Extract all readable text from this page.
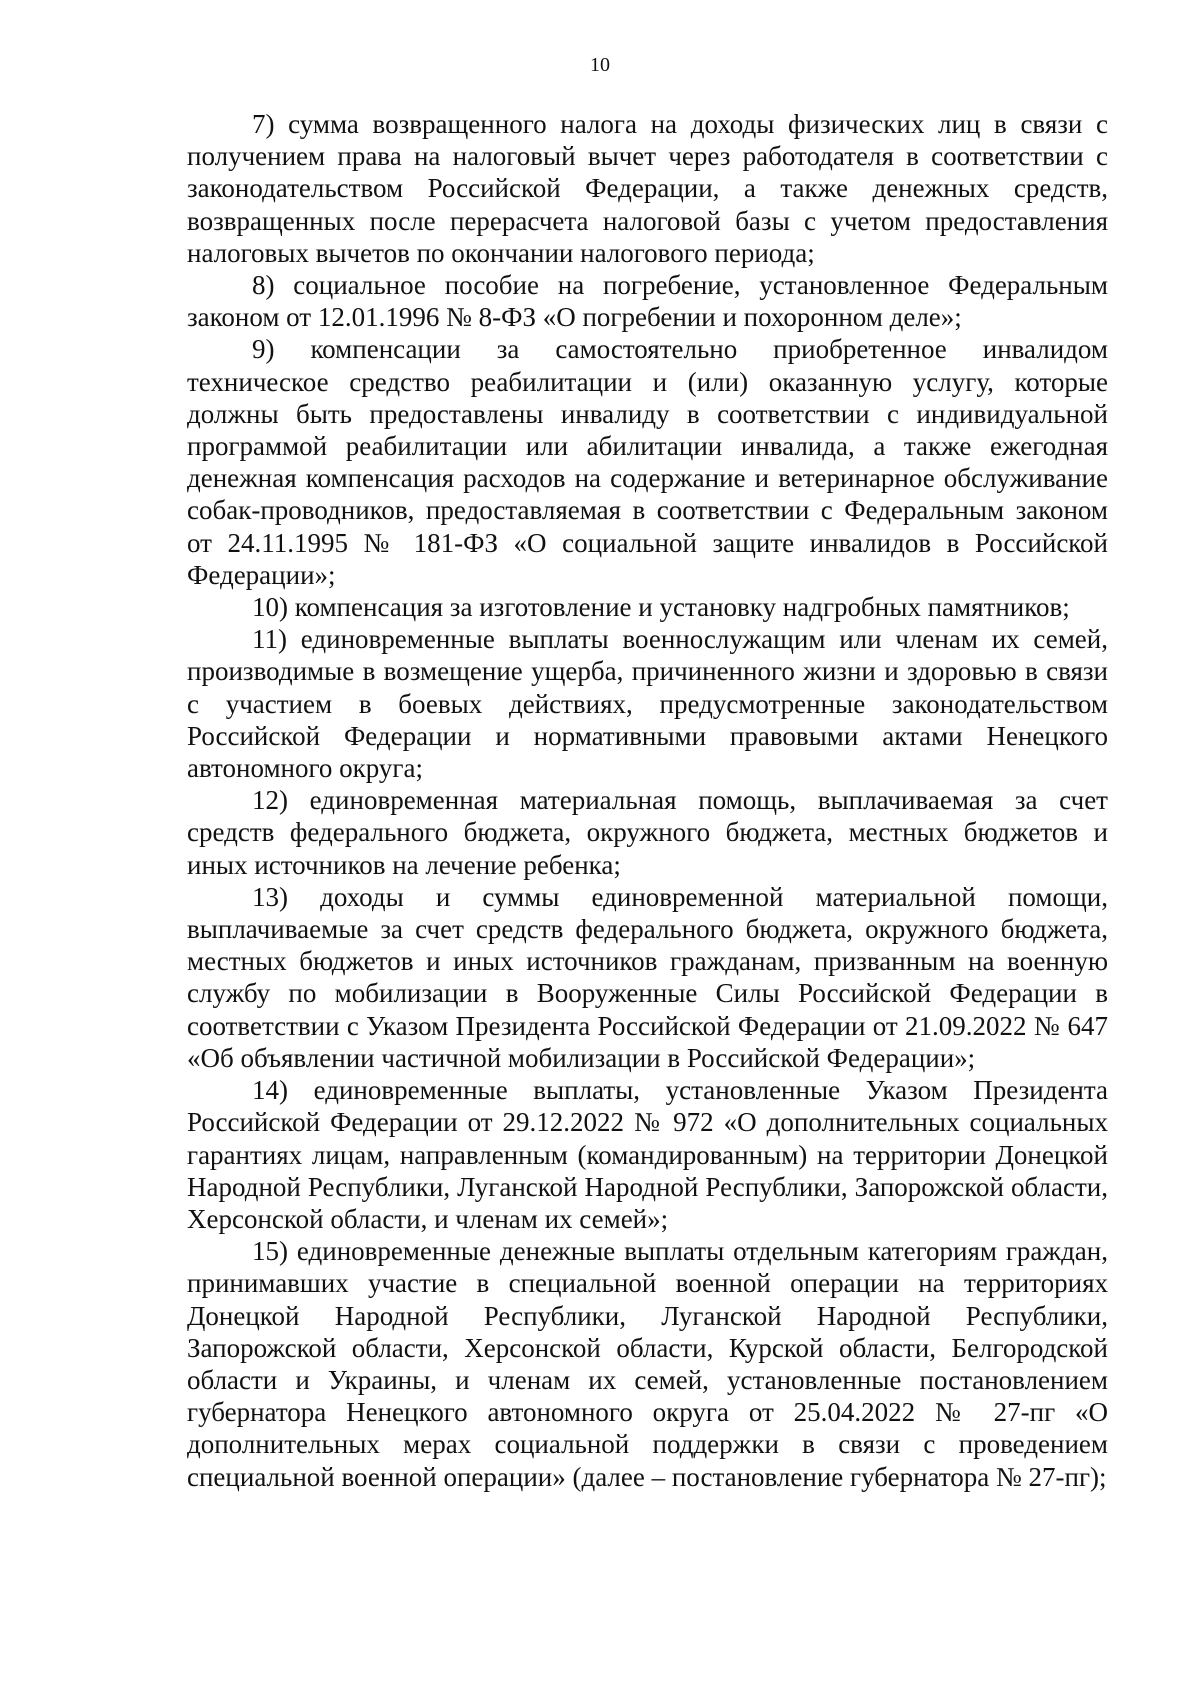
10

7) сумма возвращенного налога на доходы физических лиц в связи с получением права на налоговый вычет через работодателя в соответствии с законодательством Российской Федерации, а также денежных средств, возвращенных после перерасчета налоговой базы с учетом предоставления налоговых вычетов по окончании налогового периода;

8) социальное пособие на погребение, установленное Федеральным законом от 12.01.1996 № 8-ФЗ «О погребении и похоронном деле»;

9) компенсации за самостоятельно приобретенное инвалидом техническое средство реабилитации и (или) оказанную услугу, которые должны быть предоставлены инвалиду в соответствии с индивидуальной программой реабилитации или абилитации инвалида, а также ежегодная денежная компенсация расходов на содержание и ветеринарное обслуживание собак-проводников, предоставляемая в соответствии с Федеральным законом от 24.11.1995 № 181-ФЗ «О социальной защите инвалидов в Российской Федерации»;

10) компенсация за изготовление и установку надгробных памятников;

11) единовременные выплаты военнослужащим или членам их семей, производимые в возмещение ущерба, причиненного жизни и здоровью в связи с участием в боевых действиях, предусмотренные законодательством Российской Федерации и нормативными правовыми актами Ненецкого автономного округа;

12) единовременная материальная помощь, выплачиваемая за счет средств федерального бюджета, окружного бюджета, местных бюджетов и иных источников на лечение ребенка;

13) доходы и суммы единовременной материальной помощи, выплачиваемые за счет средств федерального бюджета, окружного бюджета, местных бюджетов и иных источников гражданам, призванным на военную службу по мобилизации в Вооруженные Силы Российской Федерации в соответствии с Указом Президента Российской Федерации от 21.09.2022 № 647 «Об объявлении частичной мобилизации в Российской Федерации»;

14) единовременные выплаты, установленные Указом Президента Российской Федерации от 29.12.2022 № 972 «О дополнительных социальных гарантиях лицам, направленным (командированным) на территории Донецкой Народной Республики, Луганской Народной Республики, Запорожской области, Херсонской области, и членам их семей»;

15) единовременные денежные выплаты отдельным категориям граждан, принимавших участие в специальной военной операции на территориях Донецкой Народной Республики, Луганской Народной Республики, Запорожской области, Херсонской области, Курской области, Белгородской области и Украины, и членам их семей, установленные постановлением губернатора Ненецкого автономного округа от 25.04.2022 № 27-пг «О дополнительных мерах социальной поддержки в связи с проведением специальной военной операции» (далее – постановление губернатора № 27-пг);
